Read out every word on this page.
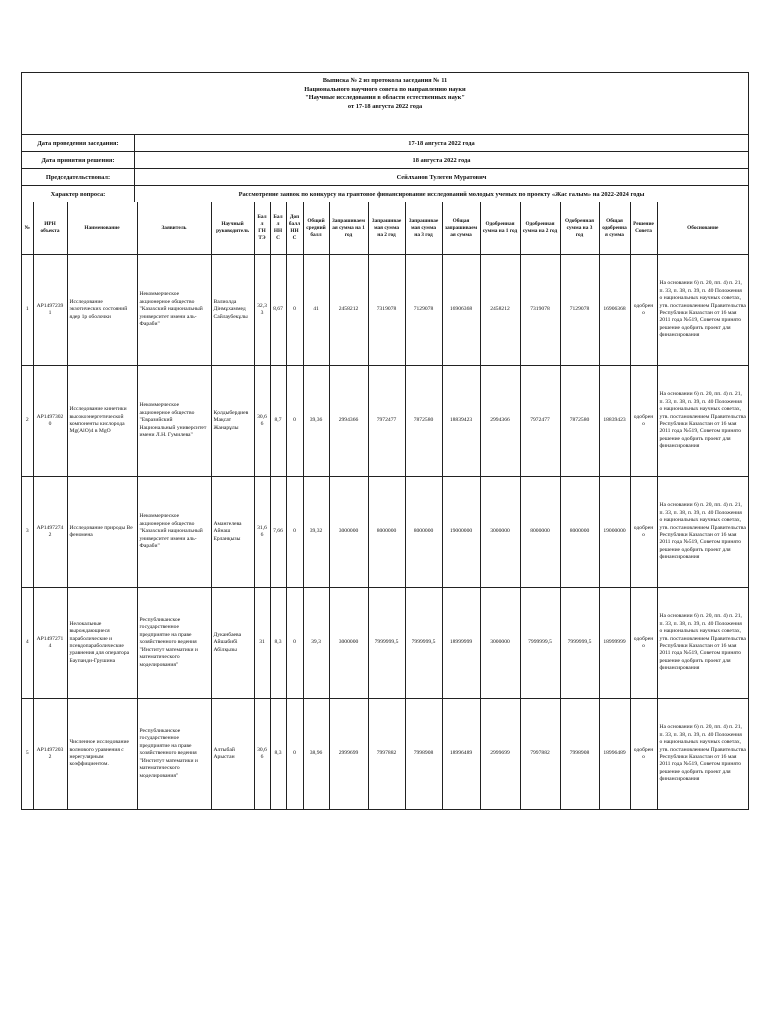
Выписка № 2 из протокола заседания № 11
Национального научного совета по направлению науки
"Научные исследования в области естественных наук"
от 17-18 августа 2022 года
Дата проведения заседания:	17-18 августа 2022 года
Дата принятия решения:	18 августа 2022 года
Председательствовал:	Сейлханов Тулеген Муратович
Характер вопроса:	Рассмотрение заявок по конкурсу на грантовое финансирование исследований молодых ученых по проекту «Жас ғалым» на 2022-2024 годы
№	ИРН объекта	Наименование	Заявитель	Научный руководитель	Балл ГНТЭ	Балл ННС	Доп балл ННС	Общий средний балл	Запрашиваемая сумма на 1 год	Запрашиваемая сумма на 2 год	Запрашиваемая сумма на 3 год	Общая запрашиваемая сумма	Одобренная сумма на 1 год	Одобренная сумма на 2 год	Одобренная сумма на 3 год	Общая одобренная сумма	Решение Совета	Обоснование
1	AP14972391	Исследование экзотических состояний ядер 1р оболочки	Некоммерческое акционерное общество "Казахский национальный университет имени аль-Фараби"	Валиолда Дінмұхаммед Сайлаубекұлы	32,33	8,67	0	41	2458212	7319078	7129078	16906368	2458212	7319078	7129078	16906368	одобрено	На основании 6) п. 20, пп. 4) п. 21, п. 33, п. 38, п. 39, п. 40 Положения о национальных научных советах, утв. постановлением Правительства Республики Казахстан от 16 мая 2011 года №519, Советом принято решение одобрить проект для финансирования
2	AP14973020	Исследование кинетики высокоэнергетической компоненты кислорода Mg(AlO)4 в MgO	Некоммерческое акционерное общество "Евразийский Национальный университет имени Л.Н. Гумилева"	Қолдыбердиев Мақсат Жанарұлы	30,66	8,7	0	39,36	2994366	7972477	7872580	18839423	2994366	7972477	7872580	18839423	одобрено	На основании 6) п. 20, пп. 4) п. 21, п. 33, п. 38, п. 39, п. 40 Положения о национальных научных советах, утв. постановлением Правительства Республики Казахстан от 16 мая 2011 года №519, Советом принято решение одобрить проект для финансирования
3	AP14972742	Исследование природы Be феномена	Некоммерческое акционерное общество "Казахский национальный университет имени аль-Фараби"	Амангелева Айнаш Ерланқызы	31,66	7,66	0	39,32	3000000	8000000	8000000	19000000	3000000	8000000	8000000	19000000	одобрено	На основании 6) п. 20, пп. 4) п. 21, п. 33, п. 38, п. 39, п. 40 Положения о национальных научных советах, утв. постановлением Правительства Республики Казахстан от 16 мая 2011 года №519, Советом принято решение одобрить проект для финансирования
4	AP14972714	Нелокальные вырождающиеся параболические и псевдопараболические уравнения для оператора Баупанди-Грушина	Республиканское государственное предприятие на праве хозяйственного ведения "Институт математики и математического моделирования"	Дуканбаева Айшабибі Абілқызы	31	8,3	0	39,3	3000000	7999999,5	7999999,5	18999999	3000000	7999999,5	7999999,5	18999999	одобрено	На основании 6) п. 20, пп. 4) п. 21, п. 33, п. 38, п. 39, п. 40 Положения о национальных научных советах, утв. постановлением Правительства Республики Казахстан от 16 мая 2011 года №519, Советом принято решение одобрить проект для финансирования
5	AP14972032	Численное исследование волнового уравнения с нерегулярным коэффициентом.	Республиканское государственное предприятие на праве хозяйственного ведения "Институт математики и математического моделирования"	Алтыбай Арыстан	30,66	8,3	0	38,96	2999699	7997882	7998908	18996489	2999699	7997882	7998908	18996489	одобрено	На основании 6) п. 20, пп. 4) п. 21, п. 33, п. 38, п. 39, п. 40 Положения о национальных научных советах, утв. постановлением Правительства Республики Казахстан от 16 мая 2011 года №519, Советом принято решение одобрить проект для финансирования
